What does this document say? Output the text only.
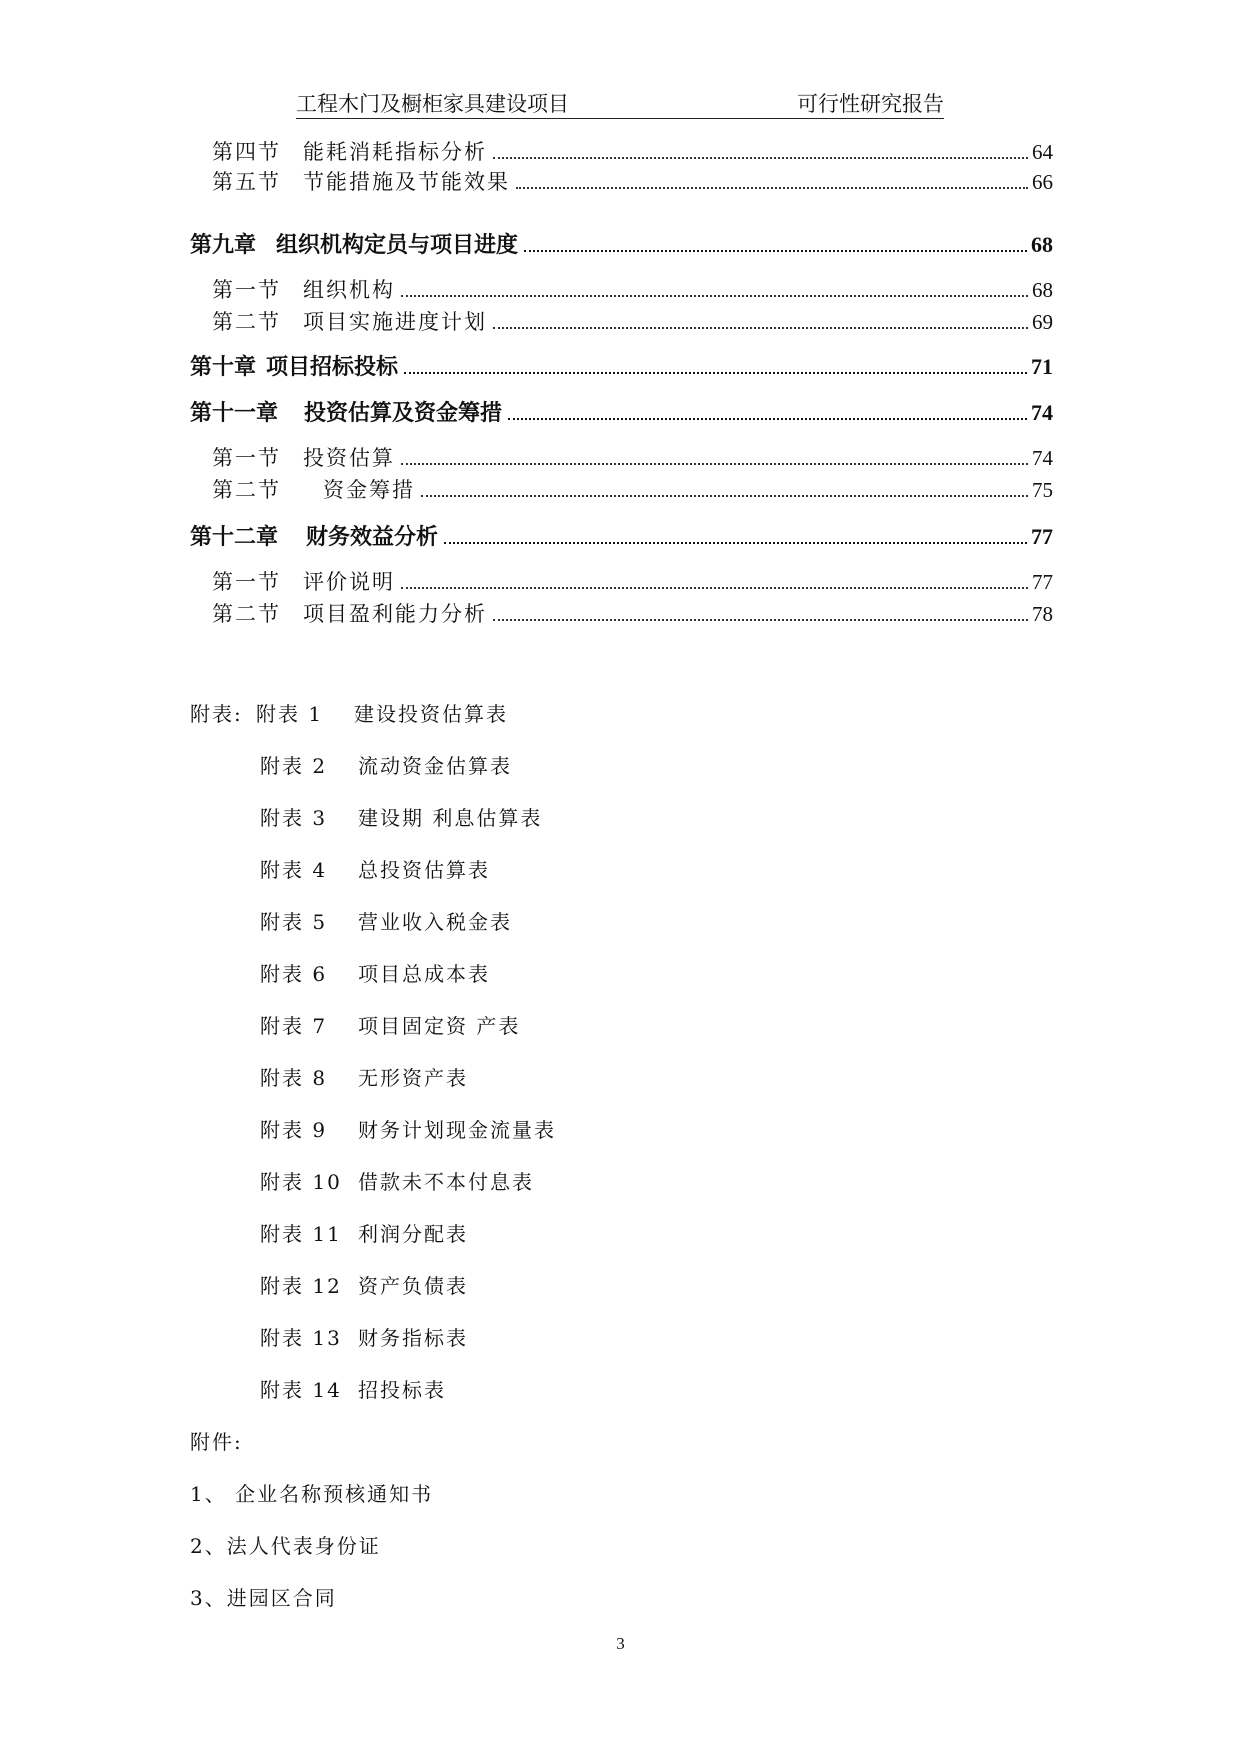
工程木门及橱柜家具建设项目	可行性研究报告
第四节 能耗消耗指标分析	64
第五节 节能措施及节能效果	66
第九章 组织机构定员与项目进度	68
第一节 组织机构	68
第二节 项目实施进度计划	69
第十章 项目招标投标	71
第十一章 投资估算及资金筹措	74
第一节 投资估算	74
第二节 资金筹措	75
第十二章 财务效益分析	77
第一节 评价说明	77
第二节 项目盈利能力分析	78
附表: 附表 1 建设投资估算表
附表 2 流动资金估算表
附表 3 建设期 利息估算表
附表 4 总投资估算表
附表 5 营业收入税金表
附表 6 项目总成本表
附表 7 项目固定资 产表
附表 8 无形资产表
附表 9 财务计划现金流量表
附表 10 借款未不本付息表
附表 11 利润分配表
附表 12 资产负债表
附表 13 财务指标表
附表 14 招投标表
附件:
1、 企业名称预核通知书
2、法人代表身份证
3、进园区合同
3
